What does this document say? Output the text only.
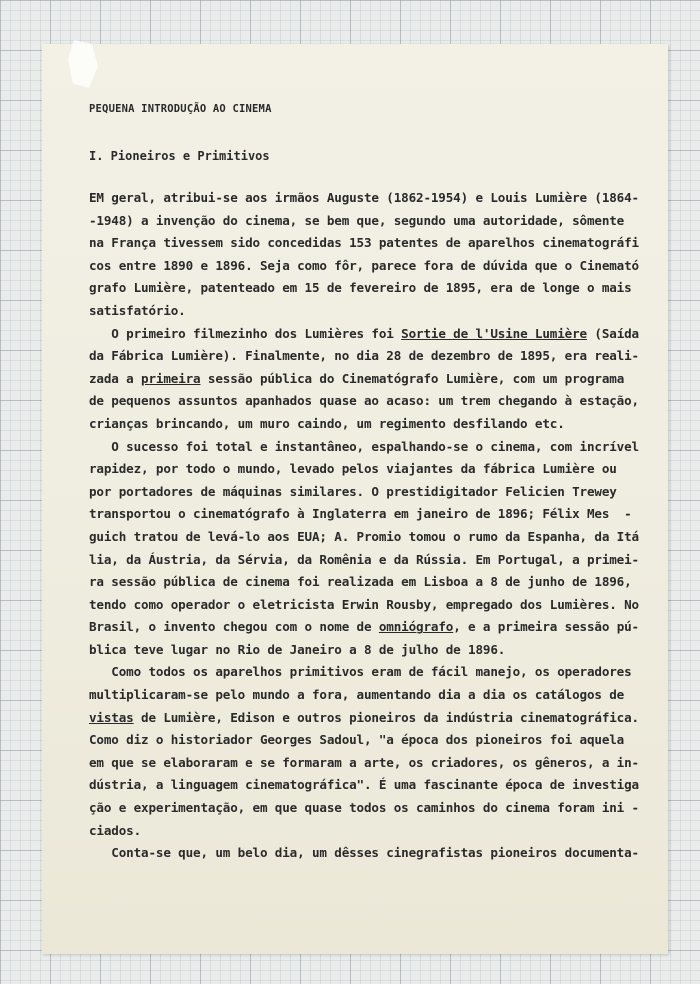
PEQUENA INTRODUÇÃO AO CINEMA
I. Pioneiros e Primitivos
EM geral, atribui-se aos irmãos Auguste (1862-1954) e Louis Lumière (1864-
-1948) a invenção do cinema, se bem que, segundo uma autoridade, sômente
na França tivessem sido concedidas 153 patentes de aparelhos cinematográfi
cos entre 1890 e 1896. Seja como fôr, parece fora de dúvida que o Cinemató
grafo Lumière, patenteado em 15 de fevereiro de 1895, era de longe o mais
satisfatório.
O primeiro filmezinho dos Lumières foi Sortie de l'Usine Lumière (Saída
da Fábrica Lumière). Finalmente, no dia 28 de dezembro de 1895, era reali-
zada a primeira sessão pública do Cinematógrafo Lumière, com um programa
de pequenos assuntos apanhados quase ao acaso: um trem chegando à estação,
crianças brincando, um muro caindo, um regimento desfilando etc.
O sucesso foi total e instantâneo, espalhando-se o cinema, com incrível
rapidez, por todo o mundo, levado pelos viajantes da fábrica Lumière ou
por portadores de máquinas similares. O prestidigitador Felicien Trewey
transportou o cinematógrafo à Inglaterra em janeiro de 1896; Félix Mes  -
guich tratou de levá-lo aos EUA; A. Promio tomou o rumo da Espanha, da Itá
lia, da Áustria, da Sérvia, da Romênia e da Rússia. Em Portugal, a primei-
ra sessão pública de cinema foi realizada em Lisboa a 8 de junho de 1896,
tendo como operador o eletricista Erwin Rousby, empregado dos Lumières. No
Brasil, o invento chegou com o nome de omniógrafo, e a primeira sessão pú-
blica teve lugar no Rio de Janeiro a 8 de julho de 1896.
Como todos os aparelhos primitivos eram de fácil manejo, os operadores
multiplicaram-se pelo mundo a fora, aumentando dia a dia os catálogos de
vistas de Lumière, Edison e outros pioneiros da indústria cinematográfica.
Como diz o historiador Georges Sadoul, "a época dos pioneiros foi aquela
em que se elaboraram e se formaram a arte, os criadores, os gêneros, a in-
dústria, a linguagem cinematográfica". É uma fascinante época de investiga
ção e experimentação, em que quase todos os caminhos do cinema foram ini -
ciados.
Conta-se que, um belo dia, um dêsses cinegrafistas pioneiros documenta-
